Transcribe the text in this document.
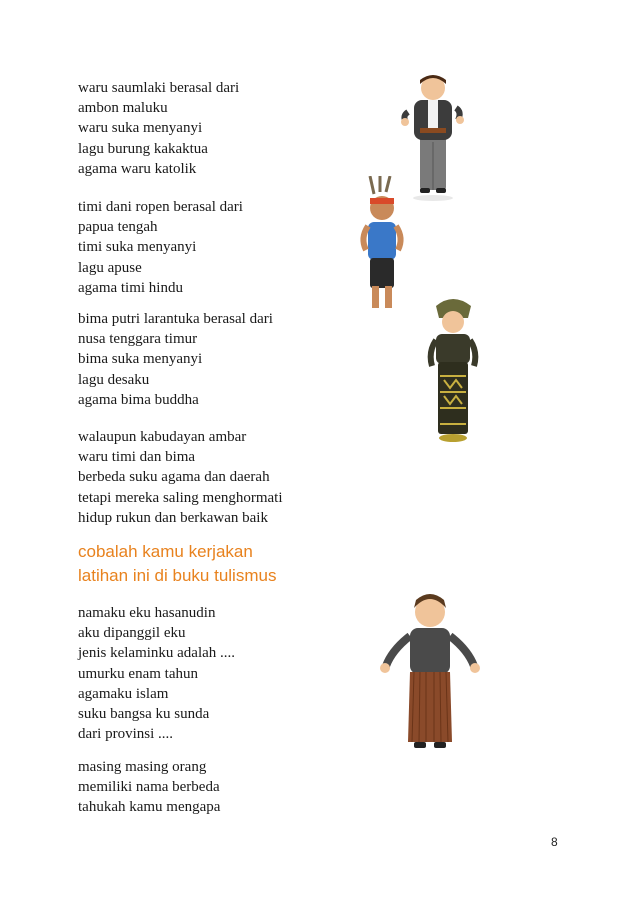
waru saumlaki berasal dari
ambon maluku
waru suka menyanyi
lagu burung kakaktua
agama waru katolik
timi dani ropen berasal dari
papua tengah
timi suka menyanyi
lagu apuse
agama timi hindu
bima putri larantuka berasal dari
nusa tenggara timur
bima suka menyanyi
lagu desaku
agama bima buddha
walaupun kabudayan ambar
waru timi dan bima
berbeda suku agama dan daerah
tetapi mereka saling menghormati
hidup rukun dan berkawan baik
cobalah kamu kerjakan
latihan ini di buku tulismus
namaku eku hasanudin
aku dipanggil eku
jenis kelaminku adalah ....
umurku enam tahun
agamaku islam
suku bangsa ku sunda
dari provinsi ....
masing masing orang
memiliki nama berbeda
tahukah kamu mengapa
8
